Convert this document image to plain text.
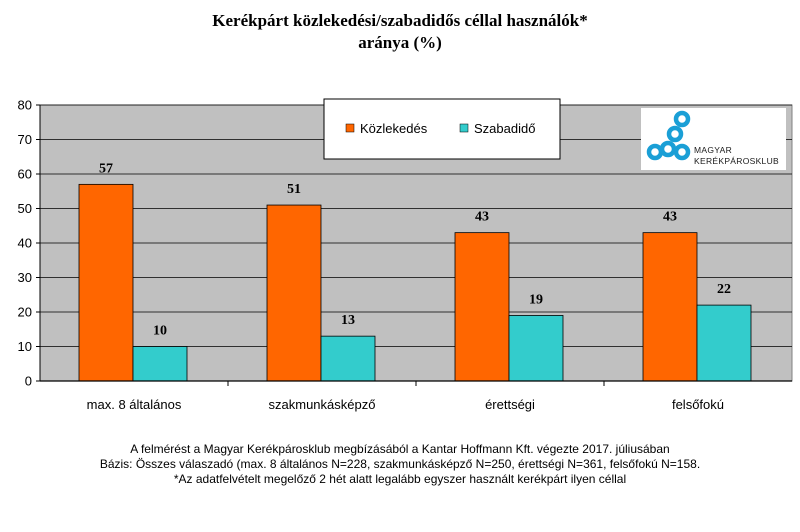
Kerékpárt közlekedési/szabadidős céllal használók*
aránya (%)
0
10
20
30
40
50
60
70
80
57
10
51
13
43
19
43
22
max. 8 általános	szakmunkásképző	érettségi	felsőfokú
Közlekedés	Szabadidő
MAGYAR
KERÉKPÁROSKLUB
A felmérést a Magyar Kerékpárosklub megbízásából a Kantar Hoffmann Kft. végezte 2017. júliusában
Bázis: Összes válaszadó (max. 8 általános N=228, szakmunkásképző N=250, érettségi N=361, felsőfokú N=158.
*Az adatfelvételt megelőző 2 hét alatt legalább egyszer használt kerékpárt ilyen céllal
